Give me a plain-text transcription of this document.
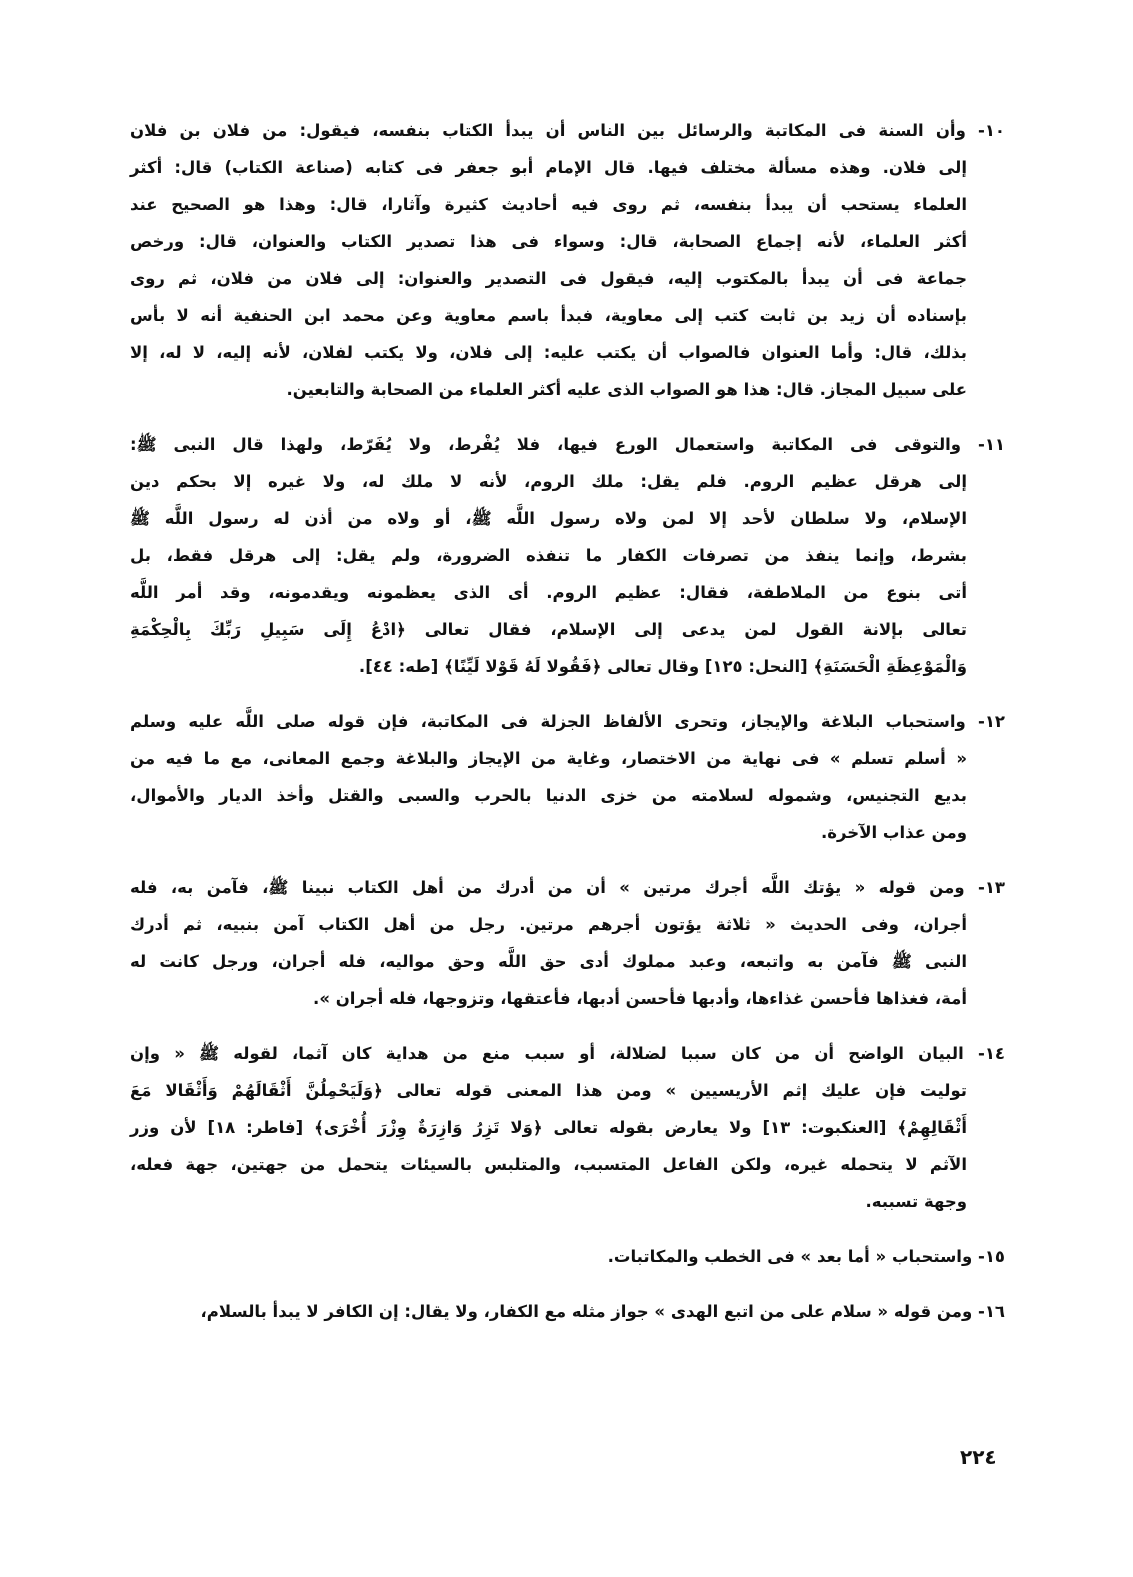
١٠- وأن السنة فى المكاتبة والرسائل بين الناس أن يبدأ الكتاب بنفسه، فيقول: من فلان بن فلان
إلى فلان. وهذه مسألة مختلف فيها. قال الإمام أبو جعفر فى كتابه (صناعة الكتاب) قال: أكثر
العلماء يستحب أن يبدأ بنفسه، ثم روى فيه أحاديث كثيرة وآثارا، قال: وهذا هو الصحيح عند
أكثر العلماء، لأنه إجماع الصحابة، قال: وسواء فى هذا تصدير الكتاب والعنوان، قال: ورخص
جماعة فى أن يبدأ بالمكتوب إليه، فيقول فى التصدير والعنوان: إلى فلان من فلان، ثم روى
بإسناده أن زيد بن ثابت كتب إلى معاوية، فبدأ باسم معاوية وعن محمد ابن الحنفية أنه لا بأس
بذلك، قال: وأما العنوان فالصواب أن يكتب عليه: إلى فلان، ولا يكتب لفلان، لأنه إليه، لا له، إلا
على سبيل المجاز. قال: هذا هو الصواب الذى عليه أكثر العلماء من الصحابة والتابعين.
١١- والتوقى فى المكاتبة واستعمال الورع فيها، فلا يُفْرط، ولا يُفَرّط، ولهذا قال النبى ﷺ:
إلى هرقل عظيم الروم. فلم يقل: ملك الروم، لأنه لا ملك له، ولا غيره إلا بحكم دين
الإسلام، ولا سلطان لأحد إلا لمن ولاه رسول اللَّه ﷺ، أو ولاه من أذن له رسول اللَّه ﷺ
بشرط، وإنما ينفذ من تصرفات الكفار ما تنفذه الضرورة، ولم يقل: إلى هرقل فقط، بل
أتى بنوع من الملاطفة، فقال: عظيم الروم. أى الذى يعظمونه ويقدمونه، وقد أمر اللَّه
تعالى بإلانة القول لمن يدعى إلى الإسلام، فقال تعالى ﴿ادْعُ إِلَى سَبِيلِ رَبِّكَ بِالْحِكْمَةِ
وَالْمَوْعِظَةِ الْحَسَنَةِ﴾ [النحل: ١٢٥] وقال تعالى ﴿فَقُولا لَهُ قَوْلا لَيِّنًا﴾ [طه: ٤٤].
١٢- واستحباب البلاغة والإيجاز، وتحرى الألفاظ الجزلة فى المكاتبة، فإن قوله صلى اللَّه عليه وسلم
« أسلم تسلم » فى نهاية من الاختصار، وغاية من الإيجاز والبلاغة وجمع المعانى، مع ما فيه من
بديع التجنيس، وشموله لسلامته من خزى الدنيا بالحرب والسبى والقتل وأخذ الديار والأموال،
ومن عذاب الآخرة.
١٣- ومن قوله « يؤتك اللَّه أجرك مرتين » أن من أدرك من أهل الكتاب نبينا ﷺ، فآمن به، فله
أجران، وفى الحديث « ثلاثة يؤتون أجرهم مرتين. رجل من أهل الكتاب آمن بنبيه، ثم أدرك
النبى ﷺ فآمن به واتبعه، وعبد مملوك أدى حق اللَّه وحق مواليه، فله أجران، ورجل كانت له
أمة، فغذاها فأحسن غذاءها، وأدبها فأحسن أدبها، فأعتقها، وتزوجها، فله أجران ».
١٤- البيان الواضح أن من كان سببا لضلالة، أو سبب منع من هداية كان آثما، لقوله ﷺ « وإن
توليت فإن عليك إثم الأريسيين » ومن هذا المعنى قوله تعالى ﴿وَلَيَحْمِلُنَّ أَثْقَالَهُمْ وَأَثْقَالا مَعَ
أَثْقَالِهِمْ﴾ [العنكبوت: ١٣] ولا يعارض بقوله تعالى ﴿وَلا تَزِرُ وَازِرَةٌ وِزْرَ أُخْرَى﴾ [فاطر: ١٨] لأن وزر
الآثم لا يتحمله غيره، ولكن الفاعل المتسبب، والمتلبس بالسيئات يتحمل من جهتين، جهة فعله،
وجهة تسببه.
١٥- واستحباب « أما بعد » فى الخطب والمكاتبات.
١٦- ومن قوله « سلام على من اتبع الهدى » جواز مثله مع الكفار، ولا يقال: إن الكافر لا يبدأ بالسلام،
٢٢٤
